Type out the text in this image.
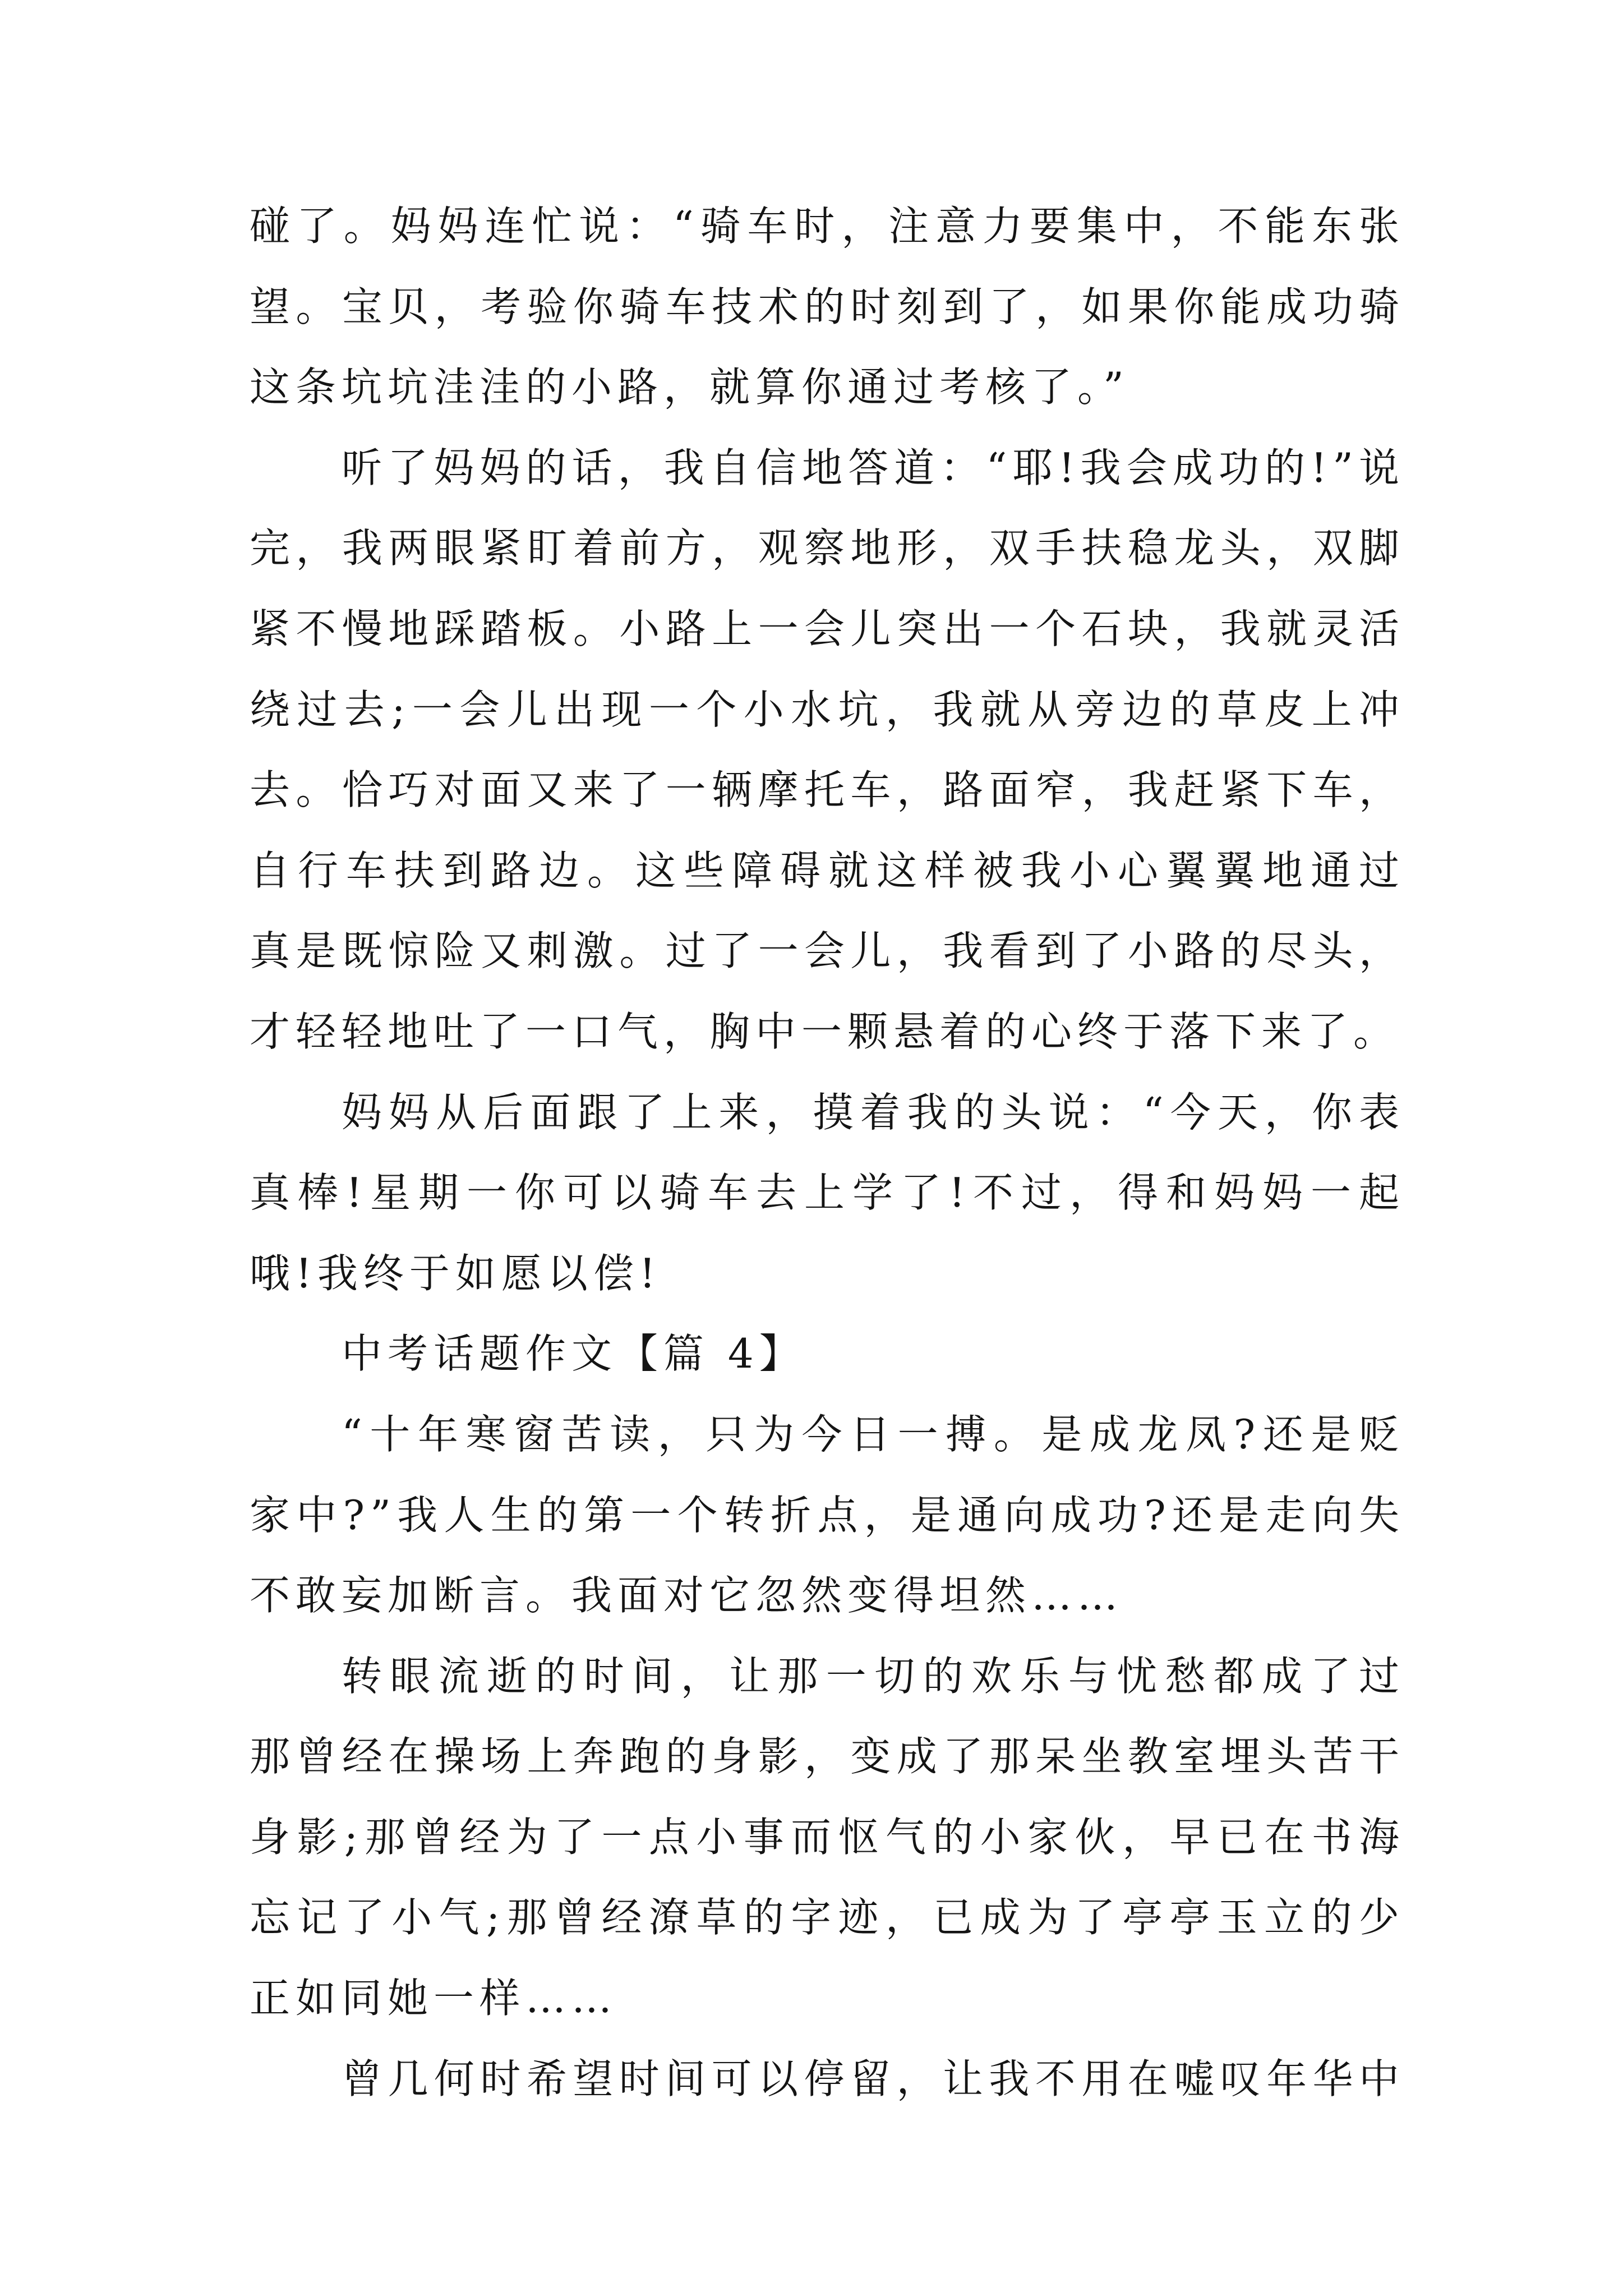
碰了。妈妈连忙说：“骑车时，注意力要集中，不能东张
望。宝贝，考验你骑车技术的时刻到了，如果你能成功骑
这条坑坑洼洼的小路，就算你通过考核了。”
听了妈妈的话，我自信地答道：“耶!我会成功的!”说
完，我两眼紧盯着前方，观察地形，双手扶稳龙头，双脚
紧不慢地踩踏板。小路上一会儿突出一个石块，我就灵活
绕过去;一会儿出现一个小水坑，我就从旁边的草皮上冲
去。恰巧对面又来了一辆摩托车，路面窄，我赶紧下车，
自行车扶到路边。这些障碍就这样被我小心翼翼地通过
真是既惊险又刺激。过了一会儿，我看到了小路的尽头，
才轻轻地吐了一口气，胸中一颗悬着的心终于落下来了。
妈妈从后面跟了上来，摸着我的头说：“今天，你表
真棒!星期一你可以骑车去上学了!不过，得和妈妈一起
哦!我终于如愿以偿!
中考话题作文【篇 4】
“十年寒窗苦读，只为今日一搏。是成龙凤?还是贬
家中?”我人生的第一个转折点，是通向成功?还是走向失
不敢妄加断言。我面对它忽然变得坦然……
转眼流逝的时间，让那一切的欢乐与忧愁都成了过
那曾经在操场上奔跑的身影，变成了那呆坐教室埋头苦干
身影;那曾经为了一点小事而怄气的小家伙，早已在书海
忘记了小气;那曾经潦草的字迹，已成为了亭亭玉立的少
正如同她一样……
曾几何时希望时间可以停留，让我不用在嘘叹年华中
